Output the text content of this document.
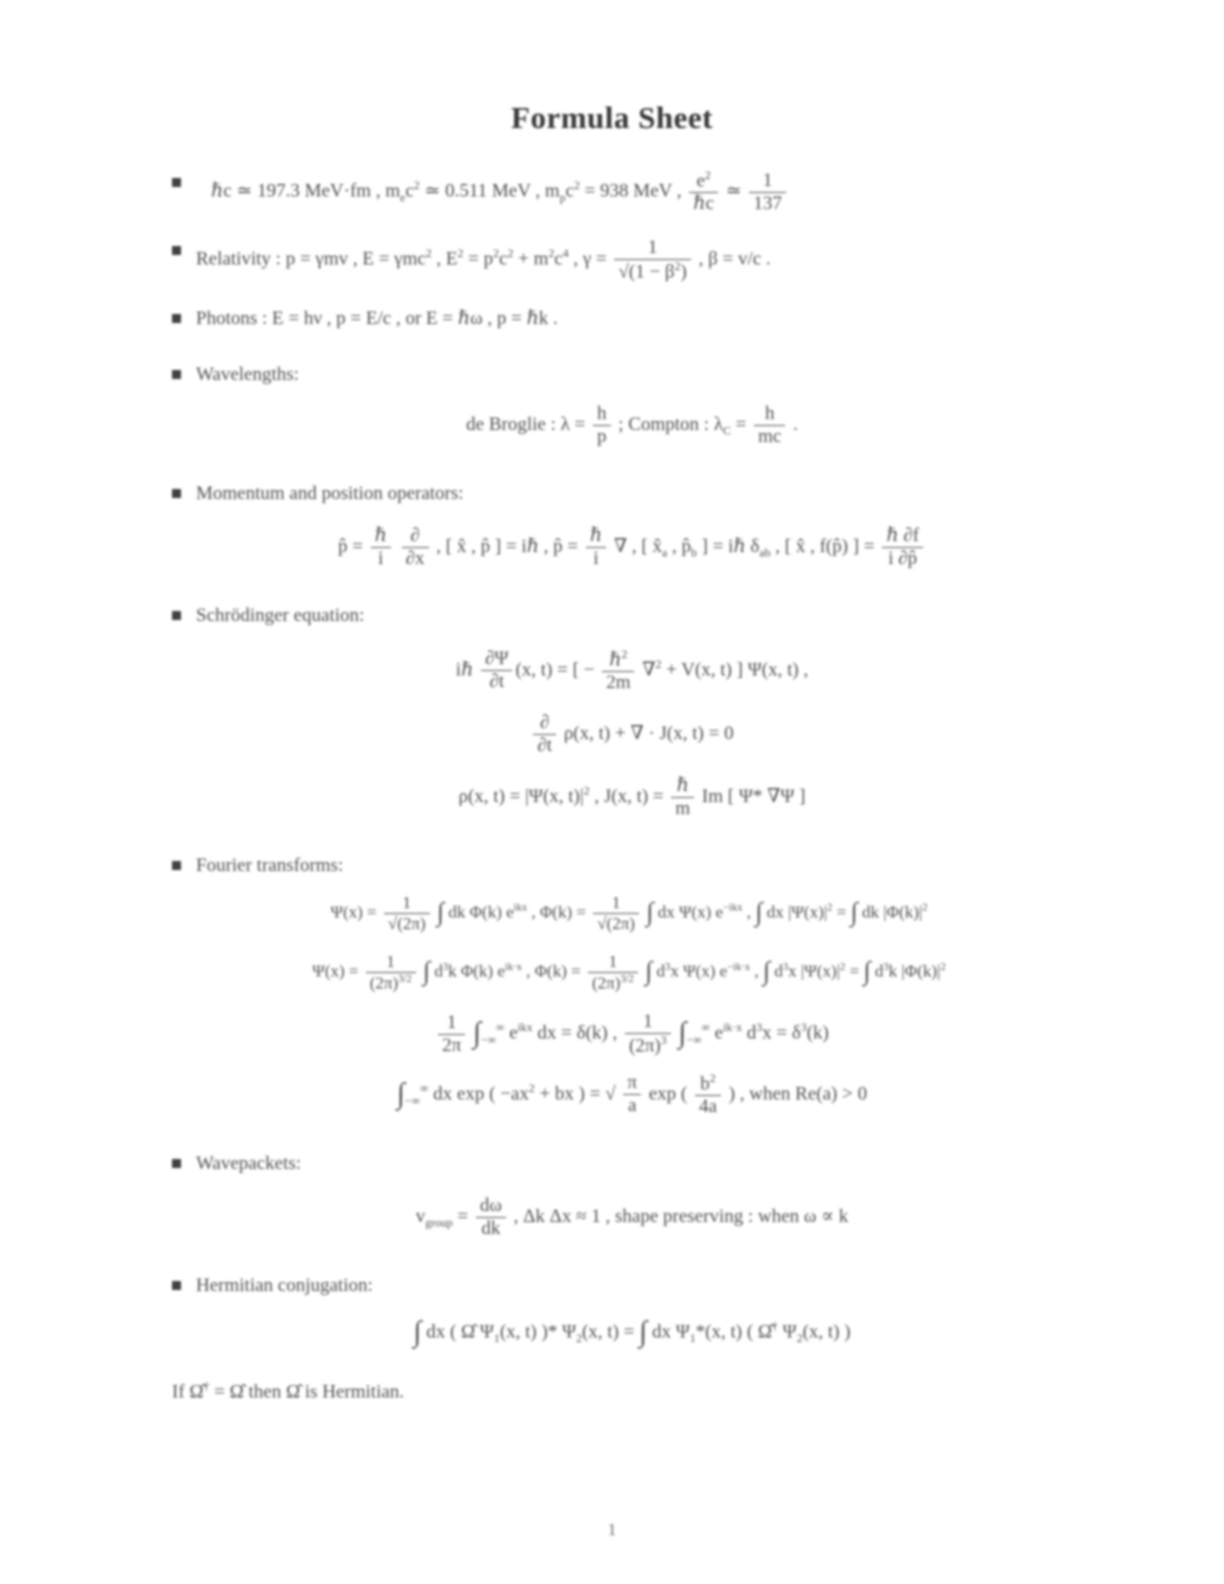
Formula Sheet
ℏc ≃ 197.3 MeV·fm , $m_ec^2$ ≃ 0.511 MeV , $m_pc^2 = 938$ MeV , $e^2$
ℏc
≃ $\frac{1}{137}$
Relativity : p = γmv , E = γmc$^2$ , $E^2 = p^2c^2 + m^2c^4$ , $\gamma = \frac{1}{√(1 - \beta^2)}$ , β = v/c .
Photons : E = hν , p = E/c , or E = ℏω , p = ℏk .
Wavelengths:
de Broglie : $\lambda = \frac{h}{p}$ ; Compton : $\lambda_C = \frac{h}{mc}$ .
Momentum and position operators:
p̂ =
ℏ
i

∂
∂x
, [ x̂ , p̂ ] = iℏ , p̂ =
ℏ
i
∇ , [ $x̂_a$ , $p̂_b$ ] = iℏ $\delta_{ab}$ , [ x̂ , f(p̂) ] =
ℏ ∂f
i ∂p̂
Schrödinger equation:
iℏ $\frac{\partial\Psi}{\partial t} (x$, t) = [ − ℏ$^2$
2m
∇$^2$ + V(x, t) ] Ψ(x, t) ,
∂
∂t
ρ(x, t) + ∇ · J(x, t) = 0
ρ(x, t) = |Ψ(x, $t)|^2$ , J(x, t) =
ℏ
m
Im [ Ψ* ∇Ψ ]
Fourier transforms:
$\Psi(x) = \frac{1}{√(2\pi)}$ ∫ dk Φ(k) $e^{ikx}$ , $\Phi(k) = \frac{1}{√(2\pi)}$ ∫ dx Ψ(x) $e^{-ikx}$ , ∫ dx $|\Psi(x)|^2$ = ∫ dk $|\Phi(k)|^2$
$\Psi(x) = \frac{1}{(2\pi)^{3/2}}$ ∫ $d^3k$ Φ(k) $e^{ik\cdot x}$ , $\Phi(k) = \frac{1}{(2\pi)^{3/2}}$ ∫ $d^3x$ Ψ(x) $e^{-ik\cdot x}$ , ∫ $d^3x$ $|\Psi(x)|^2$ = ∫ $d^3k$ $|\Phi(k)|^2$
$\frac{1}{2\pi} \int_{-\infty}^\infty$ $e^{ikx}$ dx = δ(k) , $\frac{1}{(2\pi)^3} \int_{-\infty}^\infty$ $e^{ik\cdot x}$ $d^3x = \delta^3(k)$
$\int_{-\infty}^\infty$ dx exp ( $-ax^2$ + bx ) = √ $\frac{\pi}{a}$ exp ( $\frac{b^2}{4a}$ ) , when Re(a) > 0
Wavepackets:
$v_{group} = \frac{d\omega}{dk}$ , Δk Δx ≈ 1 , shape preserving : when ω ∝ k
Hermitian conjugation:
∫ dx ( Ω̂ $\Psi_1(x$, t) )* $\Psi_2(x$, t) = ∫ dx $\Psi_1*(x$, t) ( Ω̂† $\Psi_2(x$, t) )
If Ω̂† = Ω̂ then Ω̂ is Hermitian.
1
